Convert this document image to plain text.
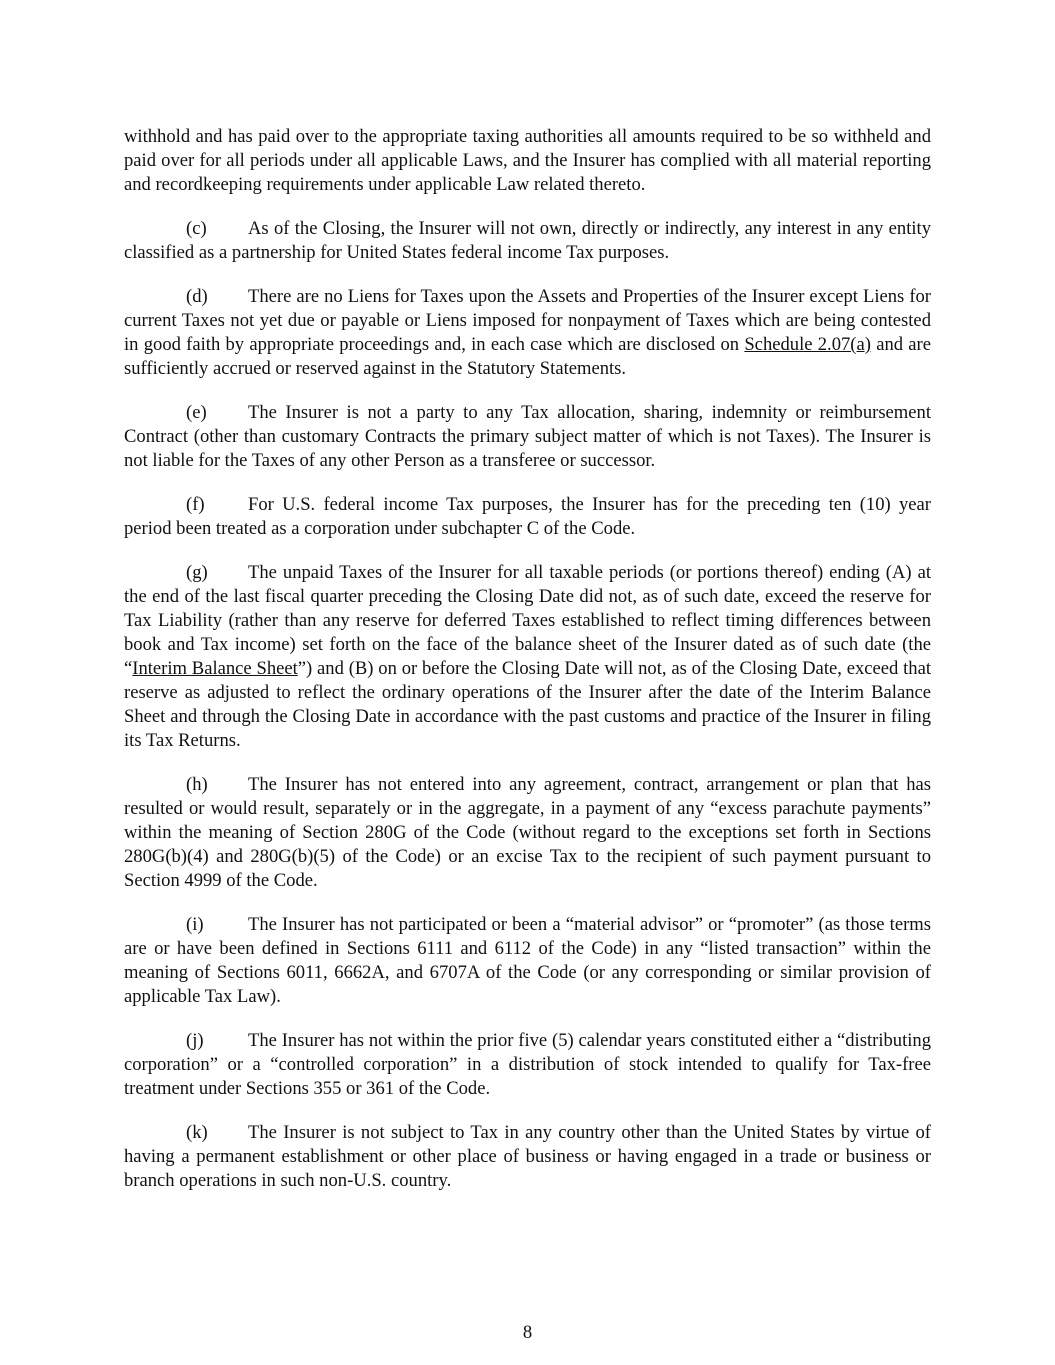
withhold and has paid over to the appropriate taxing authorities all amounts required to be so withheld and paid over for all periods under all applicable Laws, and the Insurer has complied with all material reporting and recordkeeping requirements under applicable Law related thereto.

(c) As of the Closing, the Insurer will not own, directly or indirectly, any interest in any entity classified as a partnership for United States federal income Tax purposes.

(d) There are no Liens for Taxes upon the Assets and Properties of the Insurer except Liens for current Taxes not yet due or payable or Liens imposed for nonpayment of Taxes which are being contested in good faith by appropriate proceedings and, in each case which are disclosed on Schedule 2.07(a) and are sufficiently accrued or reserved against in the Statutory Statements.

(e) The Insurer is not a party to any Tax allocation, sharing, indemnity or reimbursement Contract (other than customary Contracts the primary subject matter of which is not Taxes). The Insurer is not liable for the Taxes of any other Person as a transferee or successor.

(f) For U.S. federal income Tax purposes, the Insurer has for the preceding ten (10) year period been treated as a corporation under subchapter C of the Code.

(g) The unpaid Taxes of the Insurer for all taxable periods (or portions thereof) ending (A) at the end of the last fiscal quarter preceding the Closing Date did not, as of such date, exceed the reserve for Tax Liability (rather than any reserve for deferred Taxes established to reflect timing differences between book and Tax income) set forth on the face of the balance sheet of the Insurer dated as of such date (the “Interim Balance Sheet”) and (B) on or before the Closing Date will not, as of the Closing Date, exceed that reserve as adjusted to reflect the ordinary operations of the Insurer after the date of the Interim Balance Sheet and through the Closing Date in accordance with the past customs and practice of the Insurer in filing its Tax Returns.

(h) The Insurer has not entered into any agreement, contract, arrangement or plan that has resulted or would result, separately or in the aggregate, in a payment of any “excess parachute payments” within the meaning of Section 280G of the Code (without regard to the exceptions set forth in Sections 280G(b)(4) and 280G(b)(5) of the Code) or an excise Tax to the recipient of such payment pursuant to Section 4999 of the Code.

(i) The Insurer has not participated or been a “material advisor” or “promoter” (as those terms are or have been defined in Sections 6111 and 6112 of the Code) in any “listed transaction” within the meaning of Sections 6011, 6662A, and 6707A of the Code (or any corresponding or similar provision of applicable Tax Law).

(j) The Insurer has not within the prior five (5) calendar years constituted either a “distributing corporation” or a “controlled corporation” in a distribution of stock intended to qualify for Tax-free treatment under Sections 355 or 361 of the Code.

(k) The Insurer is not subject to Tax in any country other than the United States by virtue of having a permanent establishment or other place of business or having engaged in a trade or business or branch operations in such non-U.S. country.

8
